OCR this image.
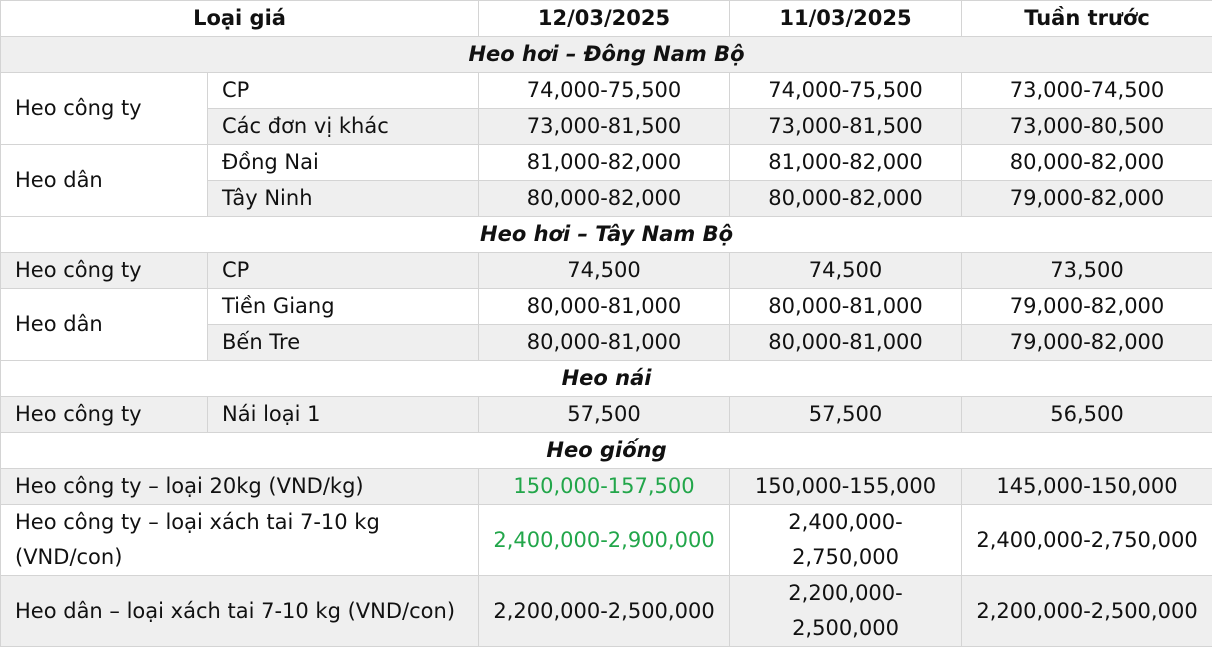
Loại giá		12/03/2025	11/03/2025	Tuần trước
Heo hơi – Đông Nam Bộ				
Heo công ty	CP	74,000-75,500	74,000-75,500	73,000-74,500
	Các đơn vị khác	73,000-81,500	73,000-81,500	73,000-80,500
Heo dân	Đồng Nai	81,000-82,000	81,000-82,000	80,000-82,000
	Tây Ninh	80,000-82,000	80,000-82,000	79,000-82,000
Heo hơi – Tây Nam Bộ				
Heo công ty	CP	74,500	74,500	73,500
Heo dân	Tiền Giang	80,000-81,000	80,000-81,000	79,000-82,000
	Bến Tre	80,000-81,000	80,000-81,000	79,000-82,000
Heo nái				
Heo công ty	Nái loại 1	57,500	57,500	56,500
Heo giống				
Heo công ty – loại 20kg (VND/kg)		150,000-157,500	150,000-155,000	145,000-150,000
Heo công ty – loại xách tai 7-10 kg (VND/con)		2,400,000-2,900,000	2,400,000-2,750,000	2,400,000-2,750,000
Heo dân – loại xách tai 7-10 kg (VND/con)		2,200,000-2,500,000	2,200,000-2,500,000	2,200,000-2,500,000
